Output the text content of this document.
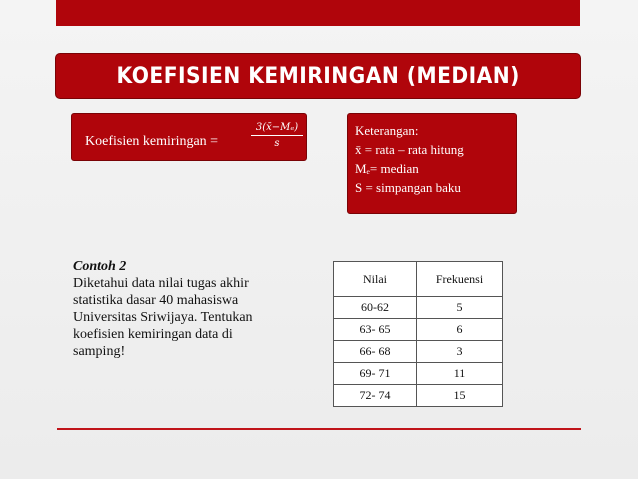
KOEFISIEN KEMIRINGAN (MEDIAN)
Koefisien kemiringan =	$\frac{\text{3(x̄−Mₑ)}}{s}$	Keterangan:
x̄ = rata – rata hitung
Mₑ= median
S = simpangan baku
Contoh 2
Diketahui data nilai tugas akhir
statistika dasar 40 mahasiswa
Universitas Sriwijaya. Tentukan
koefisien kemiringan data di
samping!
Nilai	Frekuensi
60-62	5
63- 65	6
66- 68	3
69- 71	11
72- 74	15
